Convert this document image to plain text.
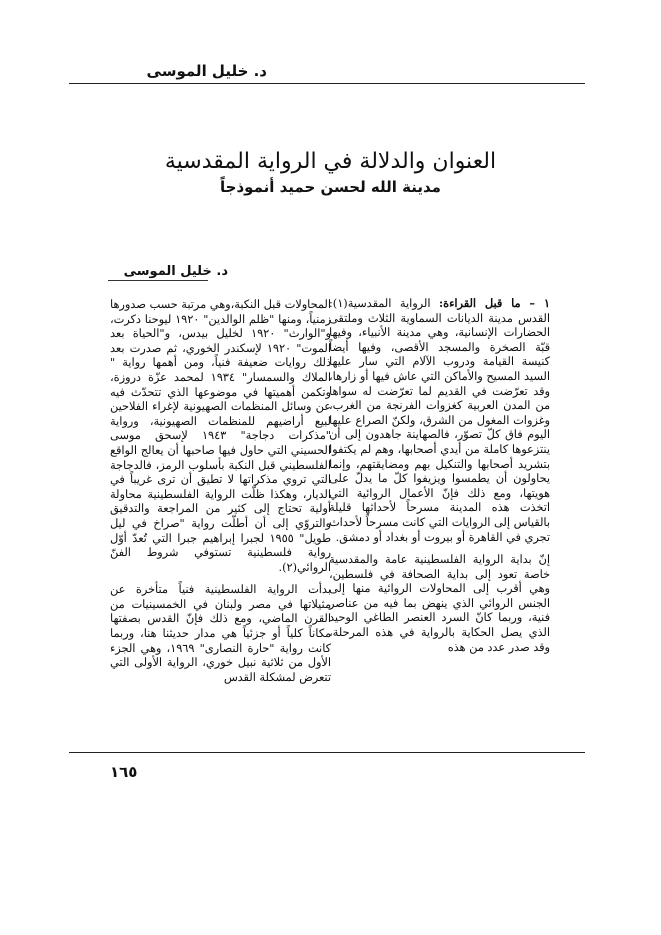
د. خليل الموسى
العنوان والدلالة في الرواية المقدسية
مدينة الله لحسن حميد أنموذجاً
د. خليل الموسى

١ – ما قبل القراءة: الرواية المقدسية(١): القدس مدينة الديانات السماوية الثلاث وملتقى الحضارات الإنسانية، وهي مدينة الأنبياء، وفيها قبّة الصخرة والمسجد الأقصى، وفيها أيضاً كنيسة القيامة ودروب الآلام التي سار عليها السيد المسيح والأماكن التي عاش فيها أو زارها، وقد تعرّضت في القديم لما تعرّضت له سواها من المدن العربية كغزوات الفرنجة من الغرب، وغزوات المغول من الشرق، ولكنّ الصراع عليها اليوم فاق كلّ تصوّر، فالصهاينة جاهدون إلى أن ينتزعوها كاملة من أيدي أصحابها، وهم لم يكتفوا بتشريد أصحابها والتنكيل بهم ومضايقتهم، وإنما يحاولون أن يطمسوا ويزيفوا كلّ ما يدلّ على هويتها، ومع ذلك فإنّ الأعمال الروائية التي اتخذت هذه المدينة مسرحاً لأحداثها قليلة بالقياس إلى الروايات التي كانت مسرحاً لأحداث تجري في القاهرة أو بيروت أو بغداد أو دمشق.

إنّ بداية الرواية الفلسطينية عامة والمقدسية خاصة تعود إلى بداية الصحافة في فلسطين، وهي أقرب إلى المحاولات الروائية منها إلى الجنس الروائي الذي ينهض بما فيه من عناصر فنية، وربما كانّ السرد العنصر الطاغي الوحيد الذي يصل الحكاية بالرواية في هذه المرحلة، وقد صدر عدد من هذه

المحاولات قبل النكبة،وهي مرتبة حسب صدورها زمنياً، ومنها "ظلم الوالدين" ١٩٢٠ ليوحنا دكرت، و"الوارث" ١٩٢٠ لخليل بيدس، و"الحياة بعد الموت" ١٩٢٠ لإسكندر الخوري، ثم صدرت بعد ذلك روايات ضعيفة فنياً، ومن أهمها رواية " الملاك والسمسار" ١٩٣٤ لمحمد عزّة دروزة، وتكمن أهميتها في موضوعها الذي تتحدّث فيه عن وسائل المنظمات الصهيونية لإغراء الفلاحين لبيع أراضيهم للمنظمات الصهيونية، ورواية "مذكرات دجاجة" ١٩٤٣ لإسحق موسى الحسيني التي حاول فيها صاحبها أن يعالج الواقع الفلسطيني قبل النكبة بأسلوب الرمز، فالدجاجة التي تروي مذكراتها لا تطيق أن ترى غريباً في الديار، وهكذا ظلّت الرواية الفلسطينية محاولة أولية تحتاج إلى كثير من المراجعة والتدقيق والتروّي إلى أن أطلّت رواية "صراخ في ليل طويل" ١٩٥٥ لجبرا إبراهيم جبرا التي تُعدّ أوّل رواية فلسطينية تستوفي شروط الفنّ الروائي(٢).

بدأت الرواية الفلسطينية فنياً متأخرة عن مثيلاتها في مصر ولبنان في الخمسينيات من القرن الماضي، ومع ذلك فإنّ القدس بصفتها مكاناً كلياً أو جزئياً هي مدار حديثنا هنا، وربما كانت رواية "حارة النصارى" ١٩٦٩، وهي الجزء الأول من ثلاثية نبيل خوري، الرواية الأولى التي تتعرض لمشكلة القدس

١٦٥
